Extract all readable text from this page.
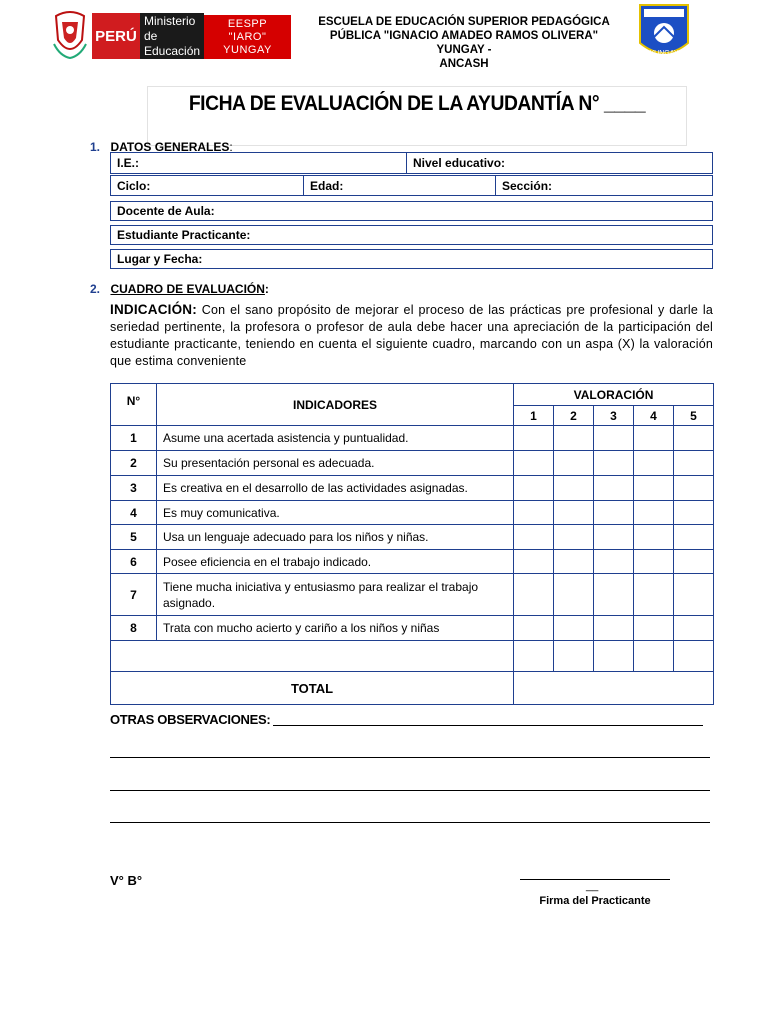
PERÚ
Ministerio de
Educación
EESPP
"IARO"
YUNGAY
ESCUELA DE EDUCACIÓN SUPERIOR PEDAGÓGICA
PÚBLICA "IGNACIO AMADEO RAMOS OLIVERA" YUNGAY -
ANCASH
YUNGAY
FICHA DE EVALUACIÓN DE LA AYUDANTÍA N° ____
1. DATOS GENERALES:
I.E.:	Nivel educativo:
Ciclo:	Edad:	Sección:
Docente de Aula:
Estudiante Practicante:
Lugar y Fecha:
2. CUADRO DE EVALUACIÓN:
INDICACIÓN: Con el sano propósito de mejorar el proceso de las prácticas pre profesional y darle la seriedad pertinente, la profesora o profesor de aula debe hacer una apreciación de la participación del estudiante practicante, teniendo en cuenta el siguiente cuadro, marcando con un aspa (X) la valoración que estima conveniente
N°	INDICADORES	VALORACIÓN				
		1	2	3	4	5
1	Asume una acertada asistencia y puntualidad.					
2	Su presentación personal es adecuada.					
3	Es creativa en el desarrollo de las actividades asignadas.					
4	Es muy comunicativa.					
5	Usa un lenguaje adecuado para los niños y niñas.					
6	Posee eficiencia en el trabajo indicado.					
7	Tiene mucha iniciativa y entusiasmo para realizar el trabajo asignado.					
8	Trata con mucho acierto y cariño a los niños y niñas					

TOTAL						
OTRAS OBSERVACIONES:
V° B°	__
Firma del Practicante
